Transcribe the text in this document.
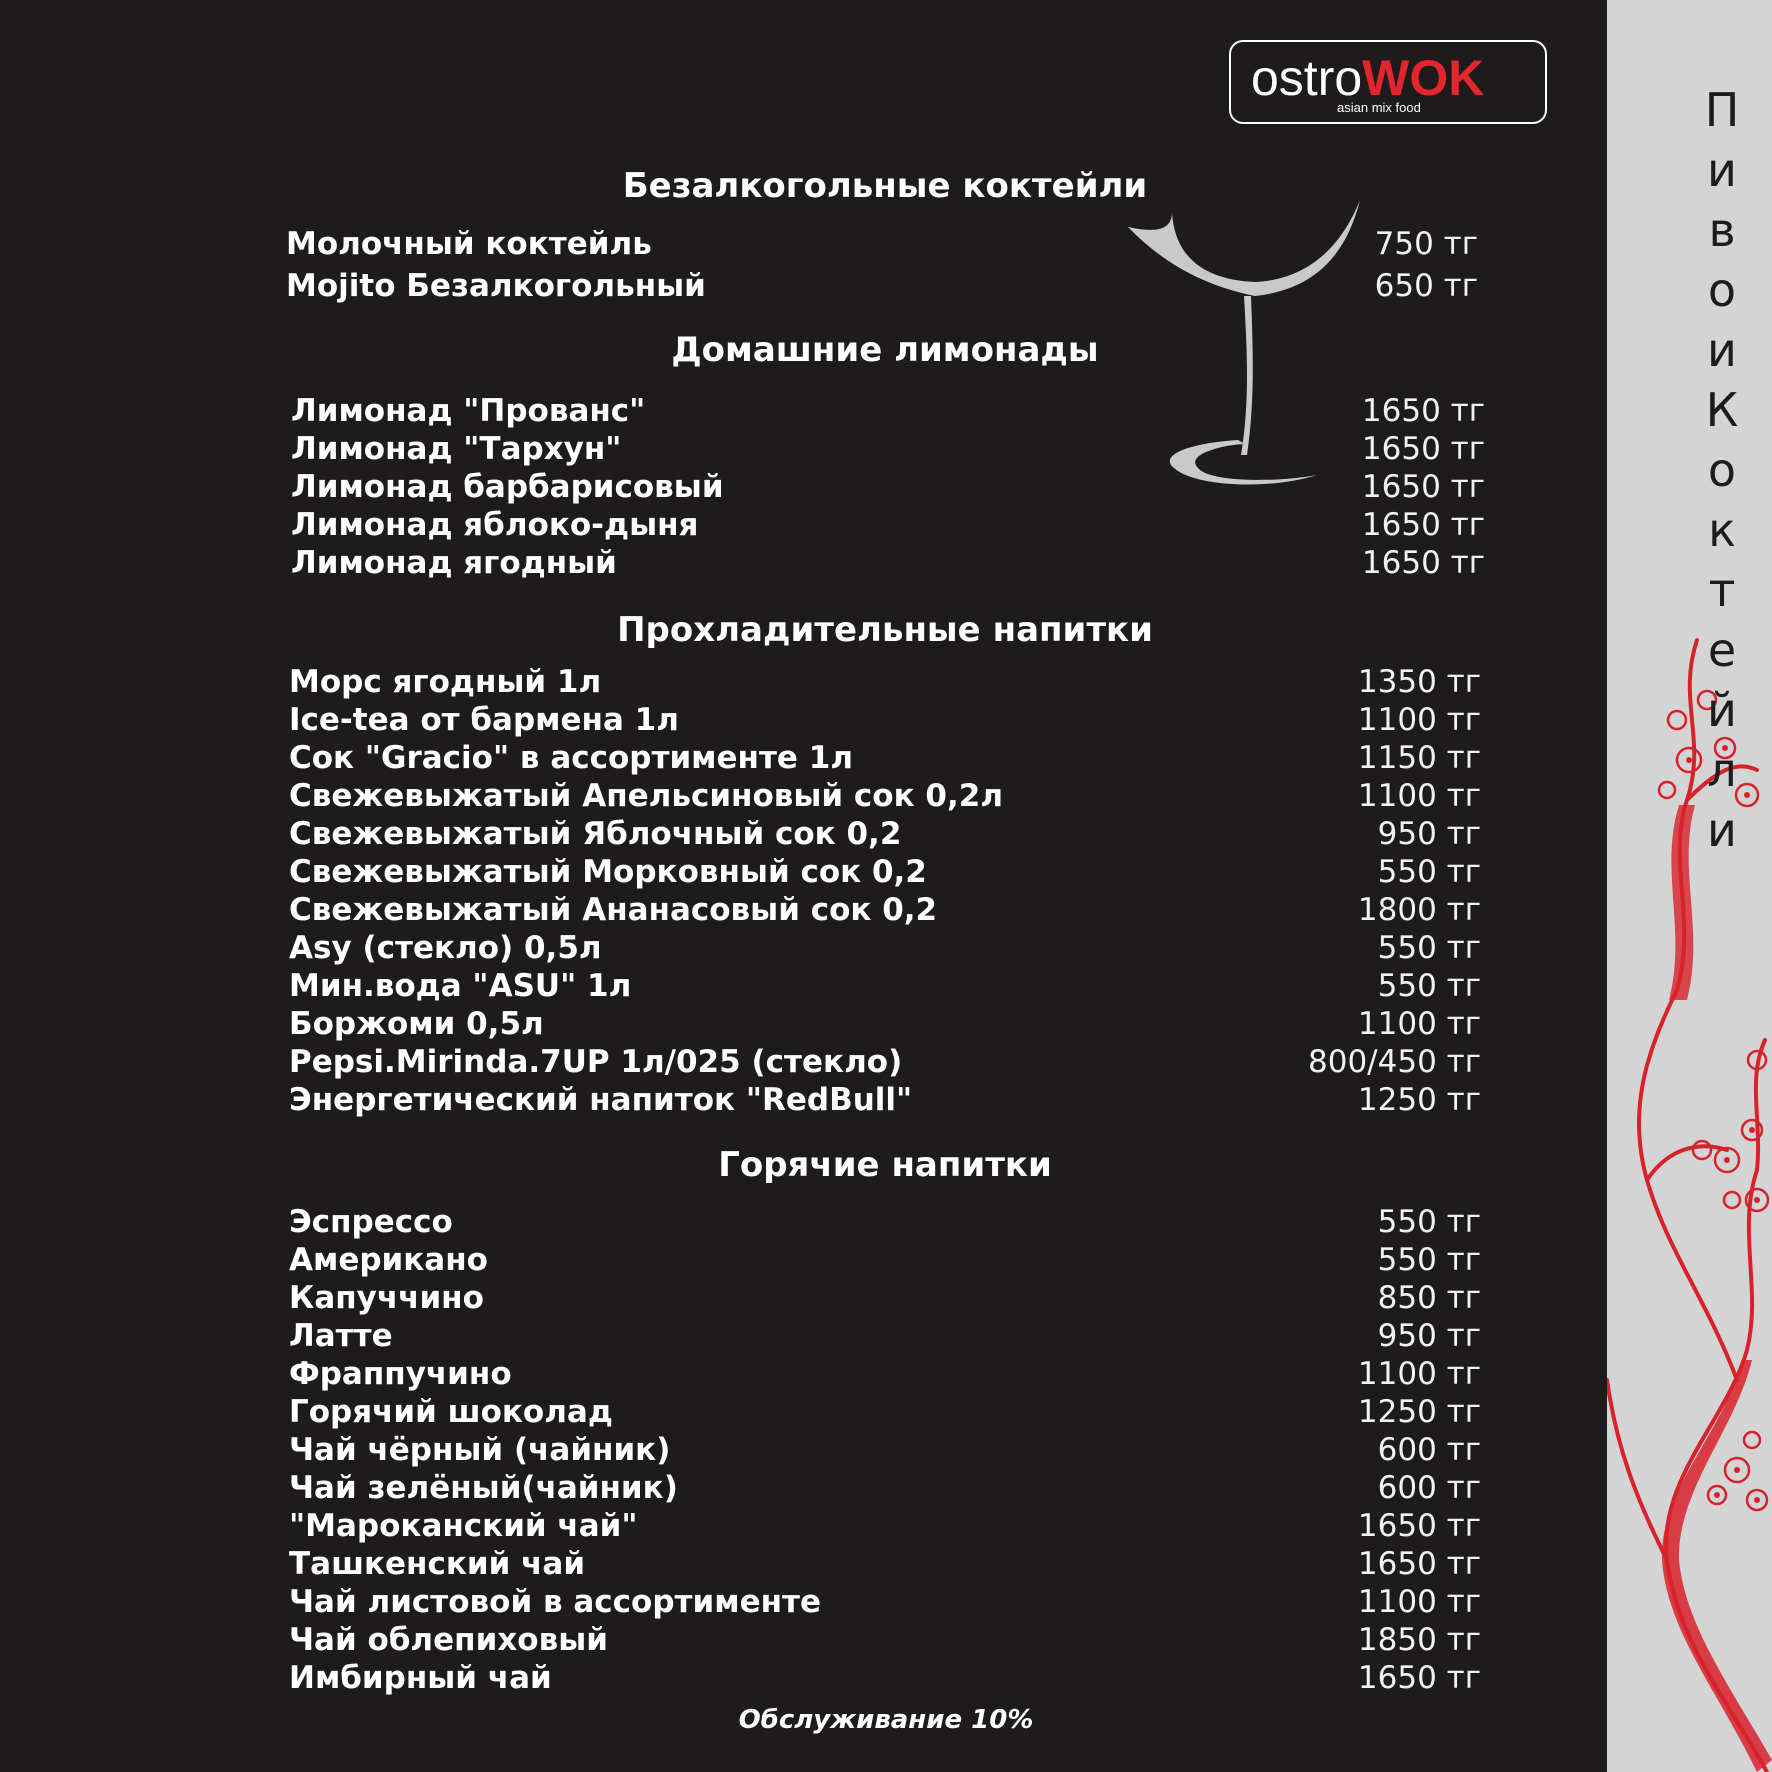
ostroWOK
asian mix food
Безалкогольные коктейли
Молочный коктейль	750 тг
Mojito Безалкогольный	650 тг
Домашние лимонады
Лимонад "Прованс"	1650 тг
Лимонад "Тархун"	1650 тг
Лимонад барбарисовый	1650 тг
Лимонад яблоко-дыня	1650 тг
Лимонад ягодный	1650 тг
Прохладительные напитки
Морс ягодный 1л	1350 тг
Ice-tea от бармена 1л	1100 тг
Сок "Gracio" в ассортименте 1л	1150 тг
Свежевыжатый Апельсиновый сок 0,2л	1100 тг
Свежевыжатый Яблочный сок 0,2	950 тг
Свежевыжатый Морковный сок 0,2	550 тг
Свежевыжатый Ананасовый сок 0,2	1800 тг
Asy (стекло) 0,5л	550 тг
Мин.вода "ASU" 1л	550 тг
Боржоми 0,5л	1100 тг
Pepsi.Mirinda.7UP 1л/025 (стекло)	800/450 тг
Энергетический напиток "RedBull"	1250 тг
Горячие напитки
Эспрессо	550 тг
Американо	550 тг
Капуччино	850 тг
Латте	950 тг
Фраппучино	1100 тг
Горячий шоколад	1250 тг
Чай чёрный (чайник)	600 тг
Чай зелёный(чайник)	600 тг
"Мароканский чай"	1650 тг
Ташкенский чай	1650 тг
Чай листовой в ассортименте	1100 тг
Чай облепиховый	1850 тг
Имбирный чай	1650 тг
Обслуживание 10%
Пиво и Коктейли
